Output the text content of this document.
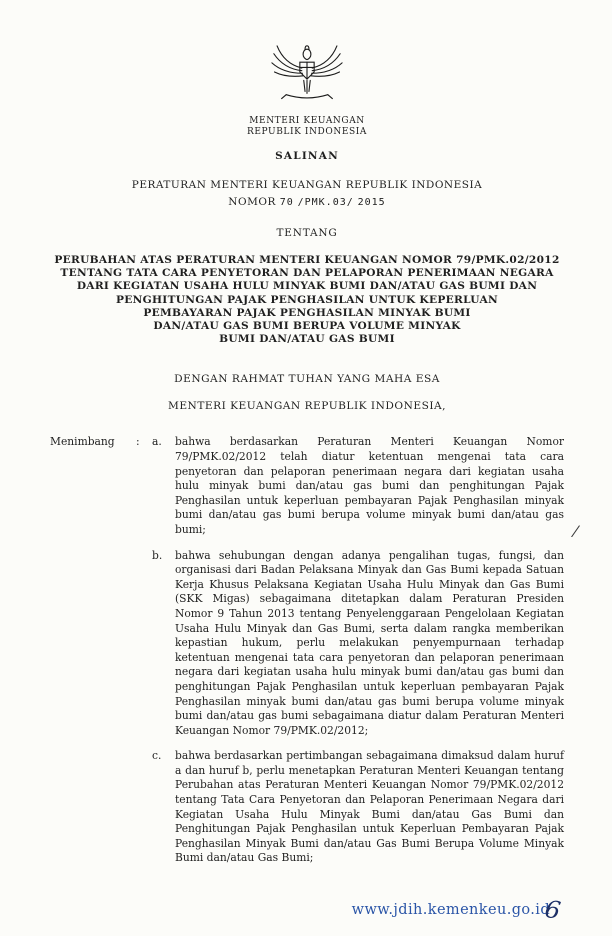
MENTERI KEUANGAN
REPUBLIK INDONESIA
SALINAN
PERATURAN MENTERI KEUANGAN REPUBLIK INDONESIA
NOMOR 70 /PMK.03/ 2015
TENTANG
PERUBAHAN ATAS PERATURAN MENTERI KEUANGAN NOMOR 79/PMK.02/2012
TENTANG TATA CARA PENYETORAN DAN PELAPORAN PENERIMAAN NEGARA
DARI KEGIATAN USAHA HULU MINYAK BUMI DAN/ATAU GAS BUMI DAN
PENGHITUNGAN PAJAK PENGHASILAN UNTUK KEPERLUAN
PEMBAYARAN PAJAK PENGHASILAN MINYAK BUMI
DAN/ATAU GAS BUMI BERUPA VOLUME MINYAK
BUMI DAN/ATAU GAS BUMI
DENGAN RAHMAT TUHAN YANG MAHA ESA
MENTERI KEUANGAN REPUBLIK INDONESIA,
Menimbang	:	a.	bahwa berdasarkan Peraturan Menteri Keuangan Nomor 79/PMK.02/2012 telah diatur ketentuan mengenai tata cara penyetoran dan pelaporan penerimaan negara dari kegiatan usaha hulu minyak bumi dan/atau gas bumi dan penghitungan Pajak Penghasilan untuk keperluan pembayaran Pajak Penghasilan minyak bumi dan/atau gas bumi berupa volume minyak bumi dan/atau gas bumi;
b.	bahwa sehubungan dengan adanya pengalihan tugas, fungsi, dan organisasi dari Badan Pelaksana Minyak dan Gas Bumi kepada Satuan Kerja Khusus Pelaksana Kegiatan Usaha Hulu Minyak dan Gas Bumi (SKK Migas) sebagaimana ditetapkan dalam Peraturan Presiden Nomor 9 Tahun 2013 tentang Penyelenggaraan Pengelolaan Kegiatan Usaha Hulu Minyak dan Gas Bumi, serta dalam rangka memberikan kepastian hukum, perlu melakukan penyempurnaan terhadap ketentuan mengenai tata cara penyetoran dan pelaporan penerimaan negara dari kegiatan usaha hulu minyak bumi dan/atau gas bumi dan penghitungan Pajak Penghasilan untuk keperluan pembayaran Pajak Penghasilan minyak bumi dan/atau gas bumi berupa volume minyak bumi dan/atau gas bumi sebagaimana diatur dalam Peraturan Menteri Keuangan Nomor 79/PMK.02/2012;
c.	bahwa berdasarkan pertimbangan sebagaimana dimaksud dalam huruf a dan huruf b, perlu menetapkan Peraturan Menteri Keuangan tentang Perubahan atas Peraturan Menteri Keuangan Nomor 79/PMK.02/2012 tentang Tata Cara Penyetoran dan Pelaporan Penerimaan Negara dari Kegiatan Usaha Hulu Minyak Bumi dan/atau Gas Bumi dan Penghitungan Pajak Penghasilan untuk Keperluan Pembayaran Pajak Penghasilan Minyak Bumi dan/atau Gas Bumi Berupa Volume Minyak Bumi dan/atau Gas Bumi;
/
www.jdih.kemenkeu.go.id
6
